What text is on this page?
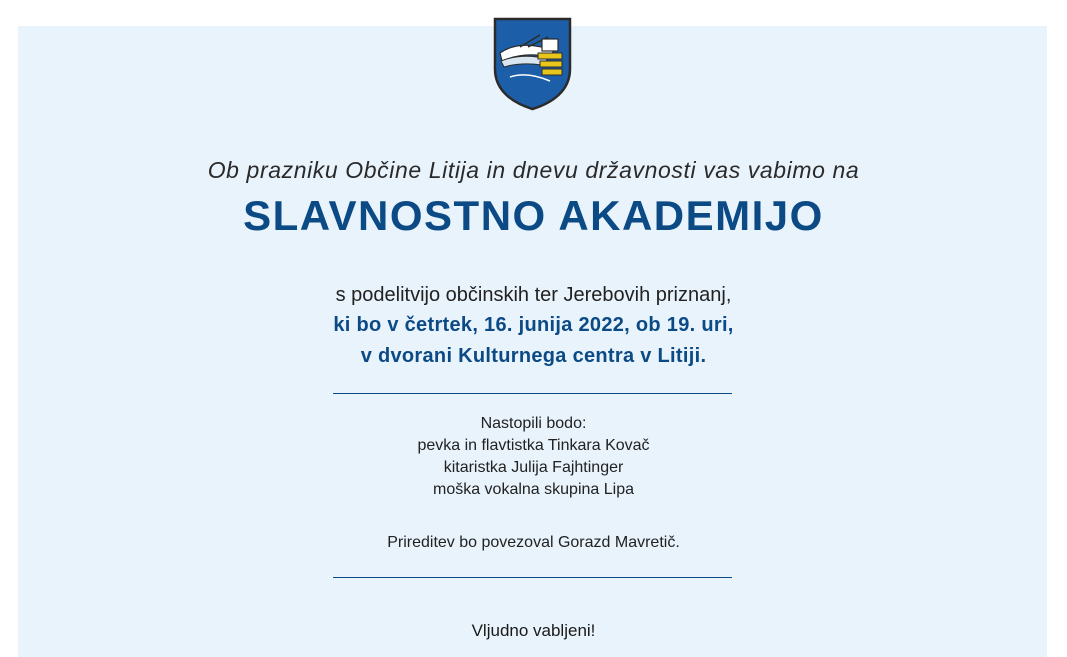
Ob prazniku Občine Litija in dnevu državnosti vas vabimo na
SLAVNOSTNO AKADEMIJO
s podelitvijo občinskih ter Jerebovih priznanj,
ki bo v četrtek, 16. junija 2022, ob 19. uri,
v dvorani Kulturnega centra v Litiji.
Nastopili bodo:
pevka in flavtistka Tinkara Kovač
kitaristka Julija Fajhtinger
moška vokalna skupina Lipa
Prireditev bo povezoval Gorazd Mavretič.
Vljudno vabljeni!
